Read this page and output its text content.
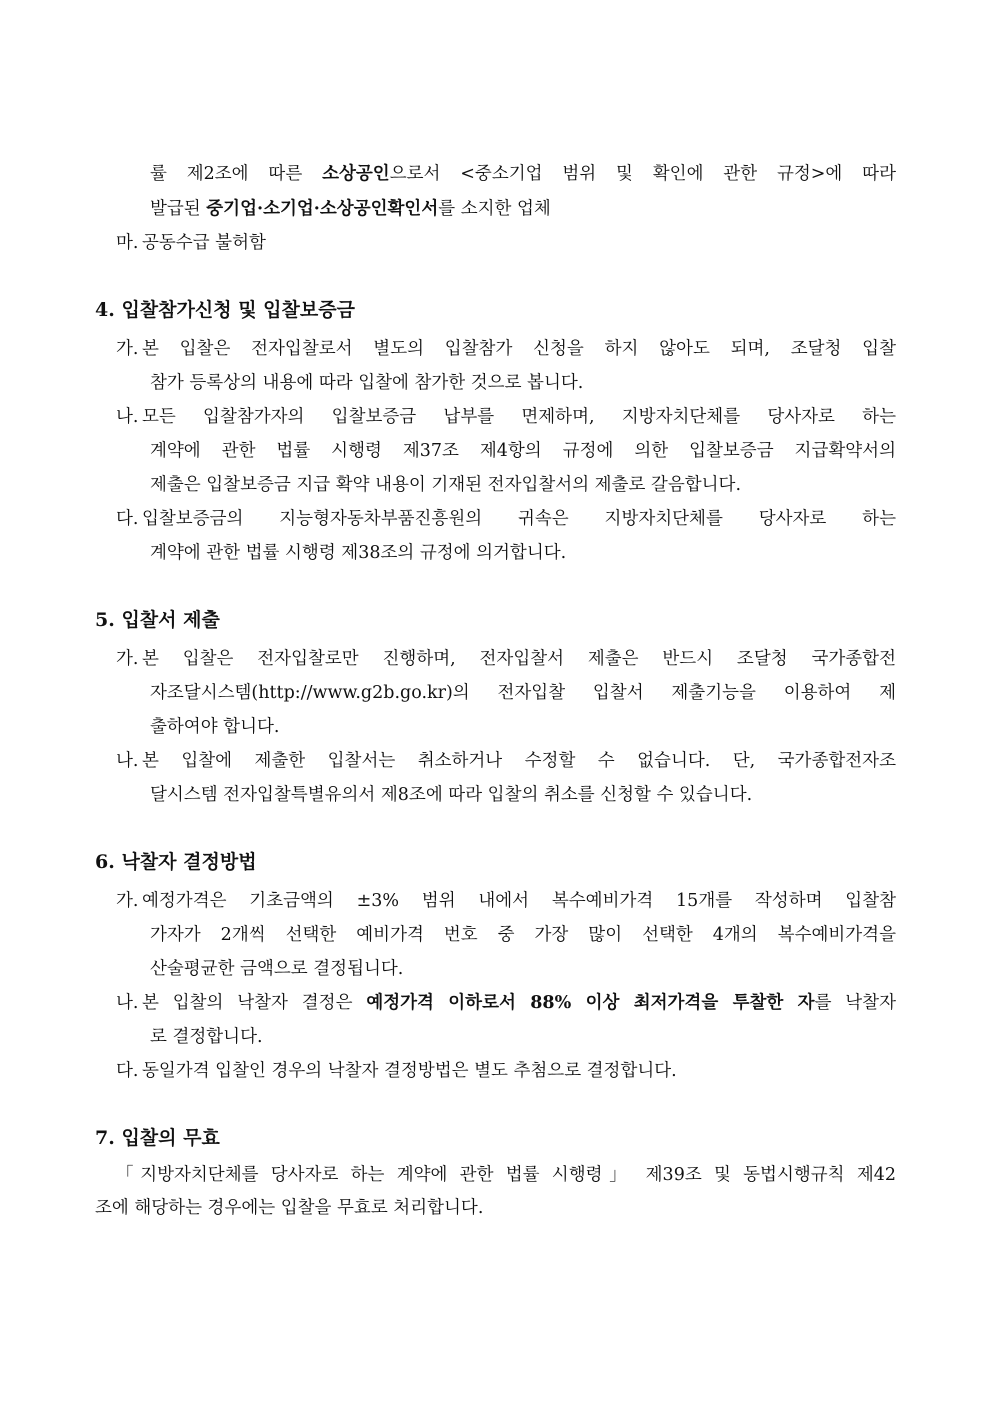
률 제2조에 따른 소상공인으로서 <중소기업 범위 및 확인에 관한 규정>에 따라
발급된 중기업·소기업·소상공인확인서를 소지한 업체
마. 공동수급 불허함
4. 입찰참가신청 및 입찰보증금
가. 본 입찰은 전자입찰로서 별도의 입찰참가 신청을 하지 않아도 되며, 조달청 입찰
참가 등록상의 내용에 따라 입찰에 참가한 것으로 봅니다.
나. 모든 입찰참가자의 입찰보증금 납부를 면제하며, 지방자치단체를 당사자로 하는
계약에 관한 법률 시행령 제37조 제4항의 규정에 의한 입찰보증금 지급확약서의
제출은 입찰보증금 지급 확약 내용이 기재된 전자입찰서의 제출로 갈음합니다.
다. 입찰보증금의 지능형자동차부품진흥원의 귀속은 지방자치단체를 당사자로 하는
계약에 관한 법률 시행령 제38조의 규정에 의거합니다.
5. 입찰서 제출
가. 본 입찰은 전자입찰로만 진행하며, 전자입찰서 제출은 반드시 조달청 국가종합전
자조달시스템(http://www.g2b.go.kr)의 전자입찰 입찰서 제출기능을 이용하여 제
출하여야 합니다.
나. 본 입찰에 제출한 입찰서는 취소하거나 수정할 수 없습니다. 단, 국가종합전자조
달시스템 전자입찰특별유의서 제8조에 따라 입찰의 취소를 신청할 수 있습니다.
6. 낙찰자 결정방법
가. 예정가격은 기초금액의 ±3% 범위 내에서 복수예비가격 15개를 작성하며 입찰참
가자가 2개씩 선택한 예비가격 번호 중 가장 많이 선택한 4개의 복수예비가격을
산술평균한 금액으로 결정됩니다.
나. 본 입찰의 낙찰자 결정은 예정가격 이하로서 88% 이상 최저가격을 투찰한 자를 낙찰자
로 결정합니다.
다. 동일가격 입찰인 경우의 낙찰자 결정방법은 별도 추첨으로 결정합니다.
7. 입찰의 무효
「지방자치단체를 당사자로 하는 계약에 관한 법률 시행령」 제39조 및 동법시행규칙 제42
조에 해당하는 경우에는 입찰을 무효로 처리합니다.
